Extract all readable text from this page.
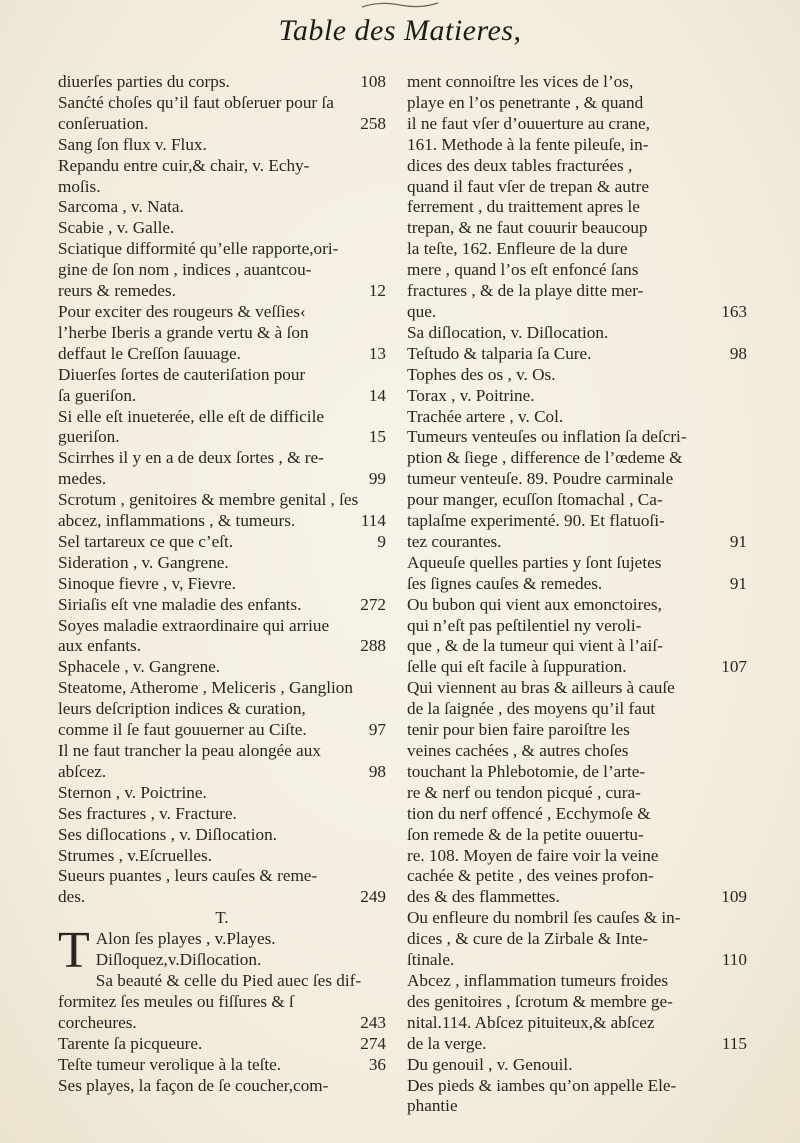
Table des Matieres,
diuerſes parties du corps.	108
Sanćté choſes qu’il faut obſeruer pour ſa
conſeruation.	258
Sang ſon flux v. Flux.
Repandu entre cuir,& chair, v. Echy-
moſis.
Sarcoma , v. Nata.
Scabie , v. Galle.
Sciatique difformité qu’elle rapporte,ori-
gine de ſon nom , indices , auantcou-
reurs & remedes.	12
Pour exciter des rougeurs & veſſies‹
l’herbe Iberis a grande vertu & à ſon
deffaut le Creſſon ſauuage.	13
Diuerſes ſortes de cauteriſation pour
ſa gueriſon.	14
Si elle eſt inueterée, elle eſt de difficile
gueriſon.	15
Scirrhes il y en a de deux ſortes , & re-
medes.	99
Scrotum , genitoires & membre genital , ſes
abcez, inflammations , & tumeurs.	114
Sel tartareux ce que c’eſt.	9
Sideration , v. Gangrene.
Sinoque fievre , v, Fievre.
Siriaſis eſt vne maladie des enfants.	272
Soyes maladie extraordinaire qui arriue
aux enfants.	288
Sphacele , v. Gangrene.
Steatome, Atherome , Meliceris , Ganglion
leurs deſcription indices & curation,
comme il ſe faut gouuerner au Ciſte.	97
Il ne faut trancher la peau alongée aux
abſcez.	98
Sternon , v. Poictrine.
Ses fractures , v. Fracture.
Ses diſlocations , v. Diſlocation.
Strumes , v.Eſcruelles.
Sueurs puantes , leurs cauſes & reme-
des.	249
T.
T Alon ſes playes , v.Playes.
Diſloquez,v.Diſlocation.
Sa beauté & celle du Pied auec ſes dif-
formitez ſes meules ou fiſſures & ſ
corcheures.	243
Tarente ſa picqueure.	274
Teſte tumeur verolique à la teſte.	36
Ses playes, la façon de ſe coucher,com-
ment connoiſtre les vices de l’os,
playe en l’os penetrante , & quand
il ne faut vſer d’ouuerture au crane,
161. Methode à la fente pileuſe, in-
dices des deux tables fracturées ,
quand il faut vſer de trepan & autre
ferrement , du traittement apres le
trepan, & ne faut couurir beaucoup
la teſte, 162. Enfleure de la dure
mere , quand l’os eſt enfoncé ſans
fractures , & de la playe ditte mer-
que.	163
Sa diſlocation, v. Diſlocation.
Teſtudo & talparia ſa Cure.	98
Tophes des os , v. Os.
Torax , v. Poitrine.
Trachée artere , v. Col.
Tumeurs venteuſes ou inflation ſa deſcri-
ption & ſiege , difference de l’œdeme &
tumeur venteuſe. 89. Poudre carminale
pour manger, ecuſſon ſtomachal , Ca-
taplaſme experimenté. 90. Et flatuoſi-
tez courantes.	91
Aqueuſe quelles parties y ſont ſujetes
ſes ſignes cauſes & remedes.	91
Ou bubon qui vient aux emonctoires,
qui n’eſt pas peſtilentiel ny veroli-
que , & de la tumeur qui vient à l’aiſ-
ſelle qui eſt facile à ſuppuration.	107
Qui viennent au bras & ailleurs à cauſe
de la ſaignée , des moyens qu’il faut
tenir pour bien faire paroiſtre les
veines cachées , & autres choſes
touchant la Phlebotomie, de l’arte-
re & nerf ou tendon picqué , cura-
tion du nerf offencé , Ecchymoſe &
ſon remede & de la petite ouuertu-
re. 108. Moyen de faire voir la veine
cachée & petite , des veines profon-
des & des flammettes.	109
Ou enfleure du nombril ſes cauſes & in-
dices , & cure de la Zirbale & Inte-
ſtinale.	110
Abcez , inflammation tumeurs froides
des genitoires , ſcrotum & membre ge-
nital.114. Abſcez pituiteux,& abſcez
de la verge.	115
Du genouil , v. Genouil.
Des pieds & iambes qu’on appelle Ele-
phantie
